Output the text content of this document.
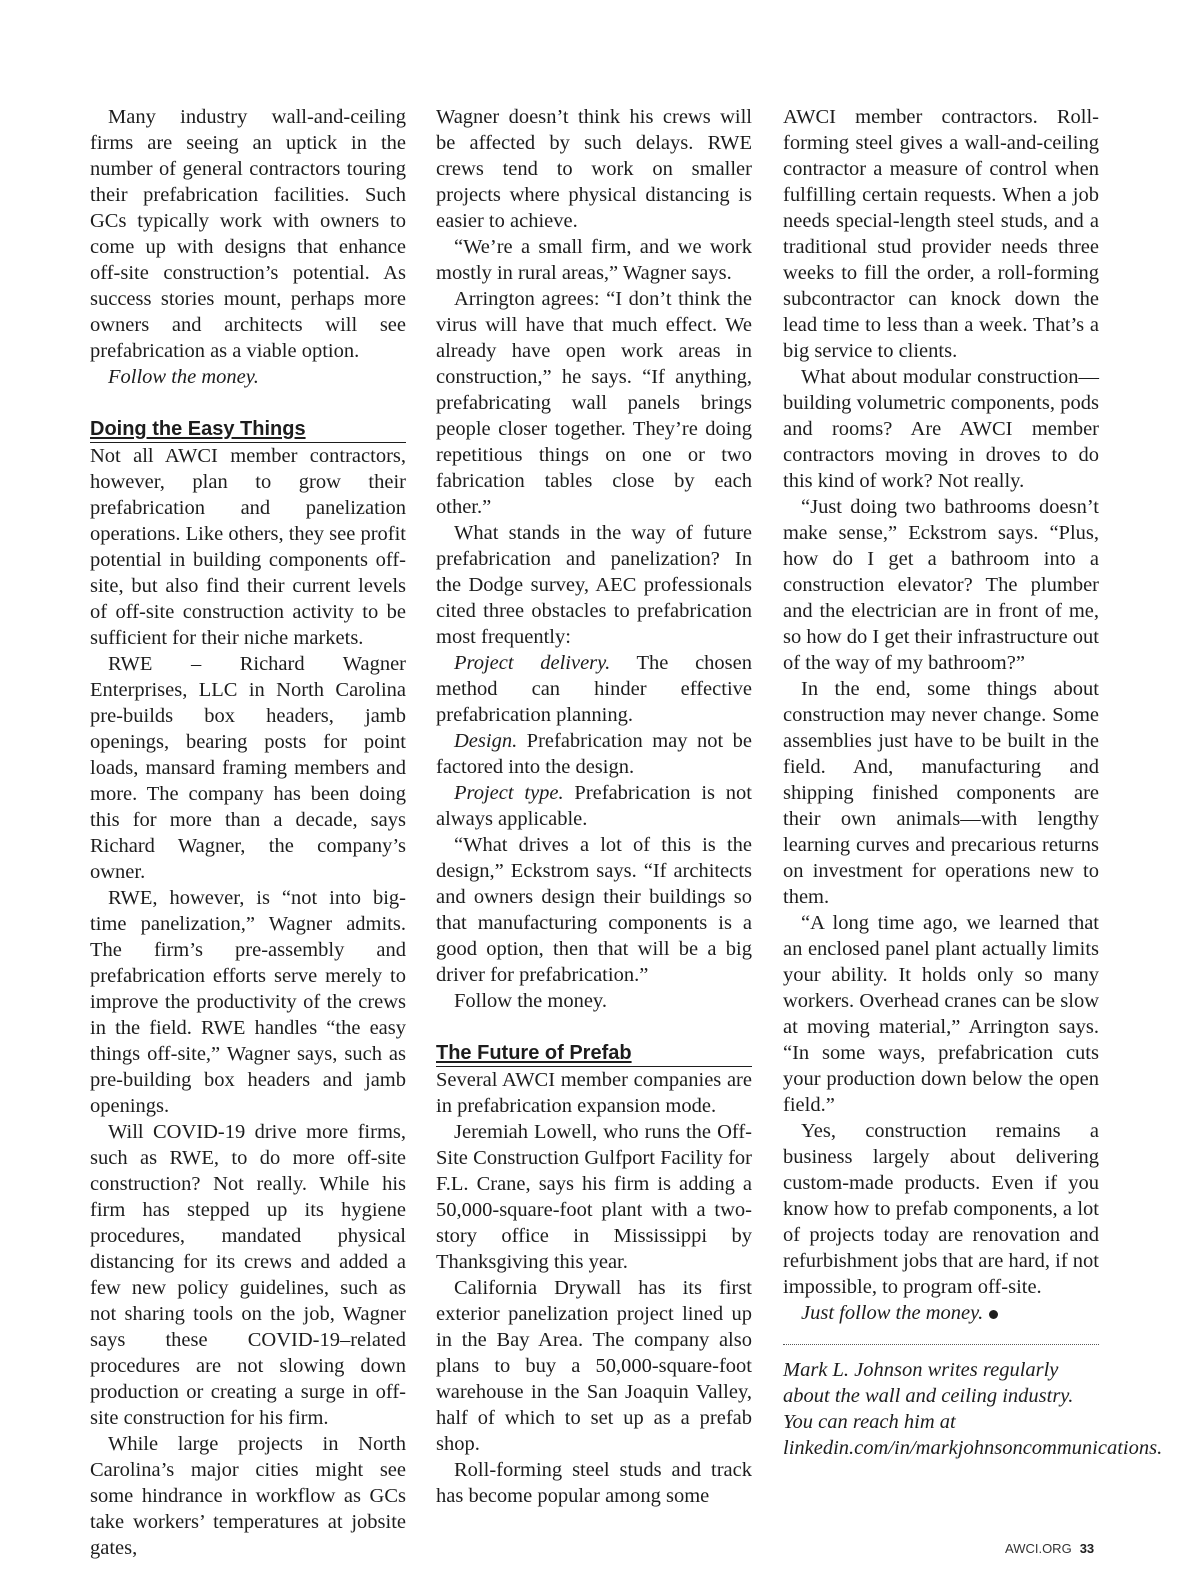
Many industry wall-and-ceiling firms are seeing an uptick in the number of general contractors touring their prefabrication facilities. Such GCs typically work with owners to come up with designs that enhance off-site construction’s potential. As success stories mount, perhaps more owners and architects will see prefabrication as a viable option.

Follow the money.

Doing the Easy Things

Not all AWCI member contractors, however, plan to grow their prefabrication and panelization operations. Like others, they see profit potential in building components off-site, but also find their current levels of off-site construction activity to be sufficient for their niche markets.

RWE – Richard Wagner Enterprises, LLC in North Carolina pre-builds box headers, jamb openings, bearing posts for point loads, mansard framing members and more. The company has been doing this for more than a decade, says Richard Wagner, the company’s owner.

RWE, however, is “not into big-time panelization,” Wagner admits. The firm’s pre-assembly and prefabrication efforts serve merely to improve the productivity of the crews in the field. RWE handles “the easy things off-site,” Wagner says, such as pre-building box headers and jamb openings.

Will COVID-19 drive more firms, such as RWE, to do more off-site construction? Not really. While his firm has stepped up its hygiene procedures, mandated physical distancing for its crews and added a few new policy guidelines, such as not sharing tools on the job, Wagner says these COVID-19–related procedures are not slowing down production or creating a surge in off-site construction for his firm.

While large projects in North Carolina’s major cities might see some hindrance in workflow as GCs take workers’ temperatures at jobsite gates,

Wagner doesn’t think his crews will be affected by such delays. RWE crews tend to work on smaller projects where physical distancing is easier to achieve.

“We’re a small firm, and we work mostly in rural areas,” Wagner says.

Arrington agrees: “I don’t think the virus will have that much effect. We already have open work areas in construction,” he says. “If anything, prefabricating wall panels brings people closer together. They’re doing repetitious things on one or two fabrication tables close by each other.”

What stands in the way of future prefabrication and panelization? In the Dodge survey, AEC professionals cited three obstacles to prefabrication most frequently:

Project delivery. The chosen method can hinder effective prefabrication planning.

Design. Prefabrication may not be factored into the design.

Project type. Prefabrication is not always applicable.

“What drives a lot of this is the design,” Eckstrom says. “If architects and owners design their buildings so that manufacturing components is a good option, then that will be a big driver for prefabrication.”

Follow the money.

The Future of Prefab

Several AWCI member companies are in prefabrication expansion mode.

Jeremiah Lowell, who runs the Off-Site Construction Gulfport Facility for F.L. Crane, says his firm is adding a 50,000-square-foot plant with a two-story office in Mississippi by Thanksgiving this year.

California Drywall has its first exterior panelization project lined up in the Bay Area. The company also plans to buy a 50,000-square-foot warehouse in the San Joaquin Valley, half of which to set up as a prefab shop.

Roll-forming steel studs and track has become popular among some

AWCI member contractors. Roll-forming steel gives a wall-and-ceiling contractor a measure of control when fulfilling certain requests. When a job needs special-length steel studs, and a traditional stud provider needs three weeks to fill the order, a roll-forming subcontractor can knock down the lead time to less than a week. That’s a big service to clients.

What about modular construction—building volumetric components, pods and rooms? Are AWCI member contractors moving in droves to do this kind of work? Not really.

“Just doing two bathrooms doesn’t make sense,” Eckstrom says. “Plus, how do I get a bathroom into a construction elevator? The plumber and the electrician are in front of me, so how do I get their infrastructure out of the way of my bathroom?”

In the end, some things about construction may never change. Some assemblies just have to be built in the field. And, manufacturing and shipping finished components are their own animals—with lengthy learning curves and precarious returns on investment for operations new to them.

“A long time ago, we learned that an enclosed panel plant actually limits your ability. It holds only so many workers. Overhead cranes can be slow at moving material,” Arrington says. “In some ways, prefabrication cuts your production down below the open field.”

Yes, construction remains a business largely about delivering custom-made products. Even if you know how to prefab components, a lot of projects today are renovation and refurbishment jobs that are hard, if not impossible, to program off-site.

Just follow the money.

Mark L. Johnson writes regularly about the wall and ceiling industry. You can reach him at linkedin.com/in/markjohnsoncommunications.

AWCI.ORG 33
